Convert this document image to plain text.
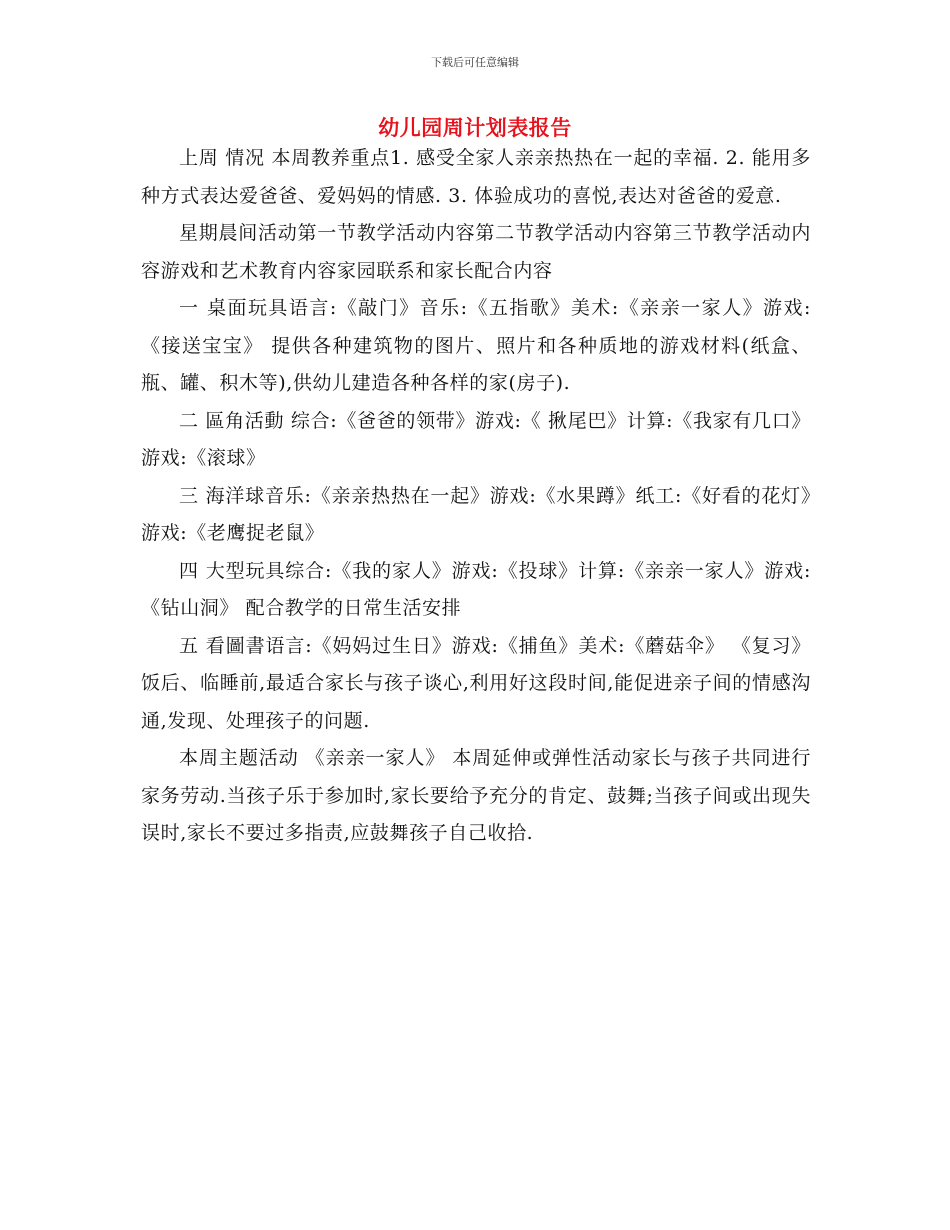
下载后可任意编辑
幼儿园周计划表报告

上周 情况 本周教养重点1. 感受全家人亲亲热热在一起的幸福. 2. 能用多种方式表达爱爸爸、爱妈妈的情感. 3. 体验成功的喜悦,表达对爸爸的爱意.

星期晨间活动第一节教学活动内容第二节教学活动内容第三节教学活动内容游戏和艺术教育内容家园联系和家长配合内容

一 桌面玩具语言:《敲门》音乐:《五指歌》美术:《亲亲一家人》游戏:《接送宝宝》 提供各种建筑物的图片、照片和各种质地的游戏材料(纸盒、瓶、罐、积木等),供幼儿建造各种各样的家(房子).

二 區角活動 综合:《爸爸的领带》游戏:《 揪尾巴》计算:《我家有几口》游戏:《滚球》

三 海洋球音乐:《亲亲热热在一起》游戏:《水果蹲》纸工:《好看的花灯》游戏:《老鹰捉老鼠》

四 大型玩具综合:《我的家人》游戏:《投球》计算:《亲亲一家人》游戏:《钻山洞》 配合教学的日常生活安排

五 看圖書语言:《妈妈过生日》游戏:《捕鱼》美术:《蘑菇伞》 《复习》饭后、临睡前,最适合家长与孩子谈心,利用好这段时间,能促进亲子间的情感沟通,发现、处理孩子的问题.

本周主题活动 《亲亲一家人》 本周延伸或弹性活动家长与孩子共同进行家务劳动.当孩子乐于参加时,家长要给予充分的肯定、鼓舞;当孩子间或出现失误时,家长不要过多指责,应鼓舞孩子自己收拾.
